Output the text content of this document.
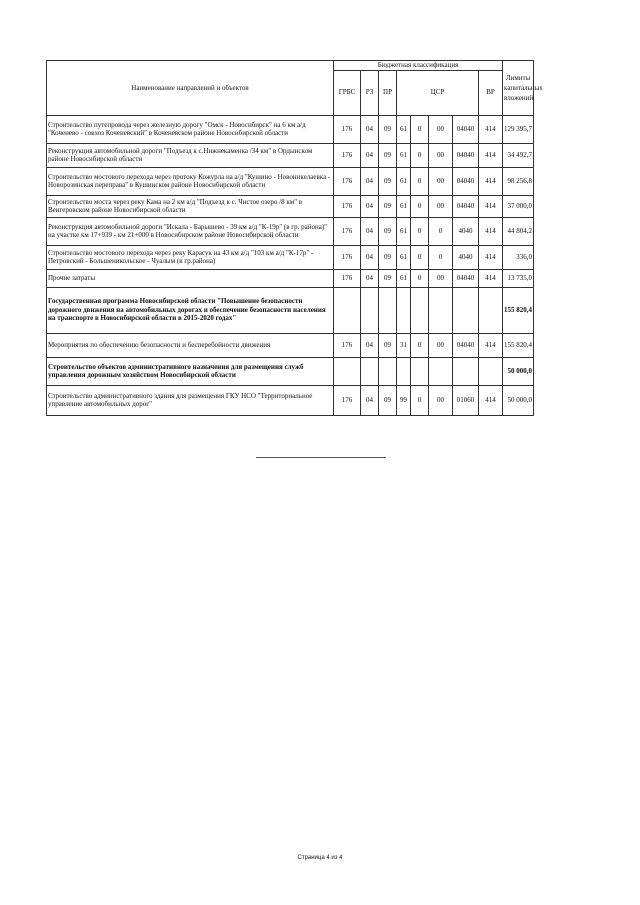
Наименование направлений и объектов	Бюджетная классификация								Лимиты капитальных вложений
	ГРБС	РЗ	ПР	ЦСР				ВР	
Строительство путепровода через железную дорогу "Омск - Новосибирск" на 6 км а/д "Коченево - совхоз Коченевский" в Коченевском районе Новосибирской области	176	04	09	61	0	00	04040	414	129 395,7
Реконструкция автомобильной дороги "Подъезд к с.Нижнекаменка /34 км" в Ордынском районе Новосибирской области	176	04	09	61	0	00	04040	414	34 492,7
Строительство мостового перехода через протоку Кожурла на а/д "Кушино - Новоникелаевка - Новорозинская переправа" в Кушинском районе Новосибирской области	176	04	09	61	0	00	04040	414	98 256,8
Строительство моста через реку Кама на 2 км а/д "Подъезд к с. Чистое озеро /8 км" в Венгеровском районе Новосибирской области	176	04	09	61	0	00	04040	414	37 000,0
Реконструкция автомобильной дороги "Искала - Барышево - 39 км а/д "К-19р" (в гр. района)" на участке км 17+939 - км 21+000 в Новосибирском районе Новосибирской области	176	04	09	61	0	0	4040	414	44 804,2
Строительство мостового перехода через реку Карасук на 43 км а/д "103 км а/д "К-17р" - Петровский - Большеникольское - Чуалым (в гр.района)	176	04	09	61	0	0	4040	414	336,0
Прочие затраты	176	04	09	61	0	00	04040	414	13 735,0
Государственная программа Новосибирской области "Повышение безопасности дорожного движения на автомобильных дорогах и обеспечение безопасности населения на транспорте в Новосибирской области в 2015-2020 годах"									155 820,4
Мероприятия по обеспечению безопасности и бесперебойности движения	176	04	09	31	0	00	04040	414	155 820,4
Строительство объектов административного назначения для размещения служб управления дорожным хозяйством Новосибирской области									50 000,0
Строительство административного здания для размещения ГКУ НСО "Территориальное управление автомобильных дорог"	176	04	09	99	0	00	01060	414	50 000,0
Страница 4 из 4
